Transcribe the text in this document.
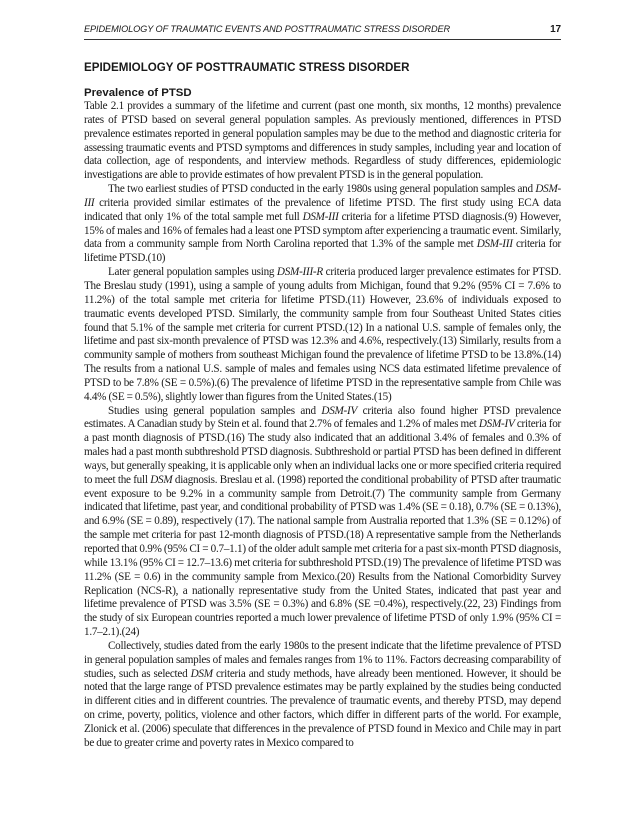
EPIDEMIOLOGY OF TRAUMATIC EVENTS AND POSTTRAUMATIC STRESS DISORDER	17
EPIDEMIOLOGY OF POSTTRAUMATIC STRESS DISORDER
Prevalence of PTSD

Table 2.1 provides a summary of the lifetime and current (past one month, six months, 12 months) prevalence rates of PTSD based on several general population samples. As previously mentioned, differences in PTSD prevalence estimates reported in general population samples may be due to the method and diagnostic criteria for assessing traumatic events and PTSD symptoms and differences in study samples, including year and location of data collection, age of respondents, and interview methods. Regardless of study differences, epidemiologic investigations are able to provide estimates of how prevalent PTSD is in the general population.

The two earliest studies of PTSD conducted in the early 1980s using general population samples and DSM-III criteria provided similar estimates of the prevalence of lifetime PTSD. The first study using ECA data indicated that only 1% of the total sample met full DSM-III criteria for a lifetime PTSD diagnosis.(9) However, 15% of males and 16% of females had a least one PTSD symptom after experiencing a traumatic event. Similarly, data from a community sample from North Carolina reported that 1.3% of the sample met DSM-III criteria for lifetime PTSD.(10)

Later general population samples using DSM-III-R criteria produced larger prevalence estimates for PTSD. The Breslau study (1991), using a sample of young adults from Michigan, found that 9.2% (95% CI = 7.6% to 11.2%) of the total sample met criteria for lifetime PTSD.(11) However, 23.6% of individuals exposed to traumatic events developed PTSD. Similarly, the community sample from four Southeast United States cities found that 5.1% of the sample met criteria for current PTSD.(12) In a national U.S. sample of females only, the lifetime and past six-month prevalence of PTSD was 12.3% and 4.6%, respectively.(13) Similarly, results from a community sample of mothers from southeast Michigan found the prevalence of lifetime PTSD to be 13.8%.(14) The results from a national U.S. sample of males and females using NCS data estimated lifetime prevalence of PTSD to be 7.8% (SE = 0.5%).(6) The prevalence of lifetime PTSD in the representative sample from Chile was 4.4% (SE = 0.5%), slightly lower than figures from the United States.(15)

Studies using general population samples and DSM-IV criteria also found higher PTSD prevalence estimates. A Canadian study by Stein et al. found that 2.7% of females and 1.2% of males met DSM-IV criteria for a past month diagnosis of PTSD.(16) The study also indicated that an additional 3.4% of females and 0.3% of males had a past month subthreshold PTSD diagnosis. Subthreshold or partial PTSD has been defined in different ways, but generally speaking, it is applicable only when an individual lacks one or more specified criteria required to meet the full DSM diagnosis. Breslau et al. (1998) reported the conditional probability of PTSD after traumatic event exposure to be 9.2% in a community sample from Detroit.(7) The community sample from Germany indicated that lifetime, past year, and conditional probability of PTSD was 1.4% (SE = 0.18), 0.7% (SE = 0.13%), and 6.9% (SE = 0.89), respectively (17). The national sample from Australia reported that 1.3% (SE = 0.12%) of the sample met criteria for past 12-month diagnosis of PTSD.(18) A representative sample from the Netherlands reported that 0.9% (95% CI = 0.7–1.1) of the older adult sample met criteria for a past six-month PTSD diagnosis, while 13.1% (95% CI = 12.7–13.6) met criteria for subthreshold PTSD.(19) The prevalence of lifetime PTSD was 11.2% (SE = 0.6) in the community sample from Mexico.(20) Results from the National Comorbidity Survey Replication (NCS-R), a nationally representative study from the United States, indicated that past year and lifetime prevalence of PTSD was 3.5% (SE = 0.3%) and 6.8% (SE =0.4%), respectively.(22, 23) Findings from the study of six European countries reported a much lower prevalence of lifetime PTSD of only 1.9% (95% CI = 1.7–2.1).(24)

Collectively, studies dated from the early 1980s to the present indicate that the lifetime prevalence of PTSD in general population samples of males and females ranges from 1% to 11%. Factors decreasing comparability of studies, such as selected DSM criteria and study methods, have already been mentioned. However, it should be noted that the large range of PTSD prevalence estimates may be partly explained by the studies being conducted in different cities and in different countries. The prevalence of traumatic events, and thereby PTSD, may depend on crime, poverty, politics, violence and other factors, which differ in different parts of the world. For example, Zlonick et al. (2006) speculate that differences in the prevalence of PTSD found in Mexico and Chile may in part be due to greater crime and poverty rates in Mexico compared to
